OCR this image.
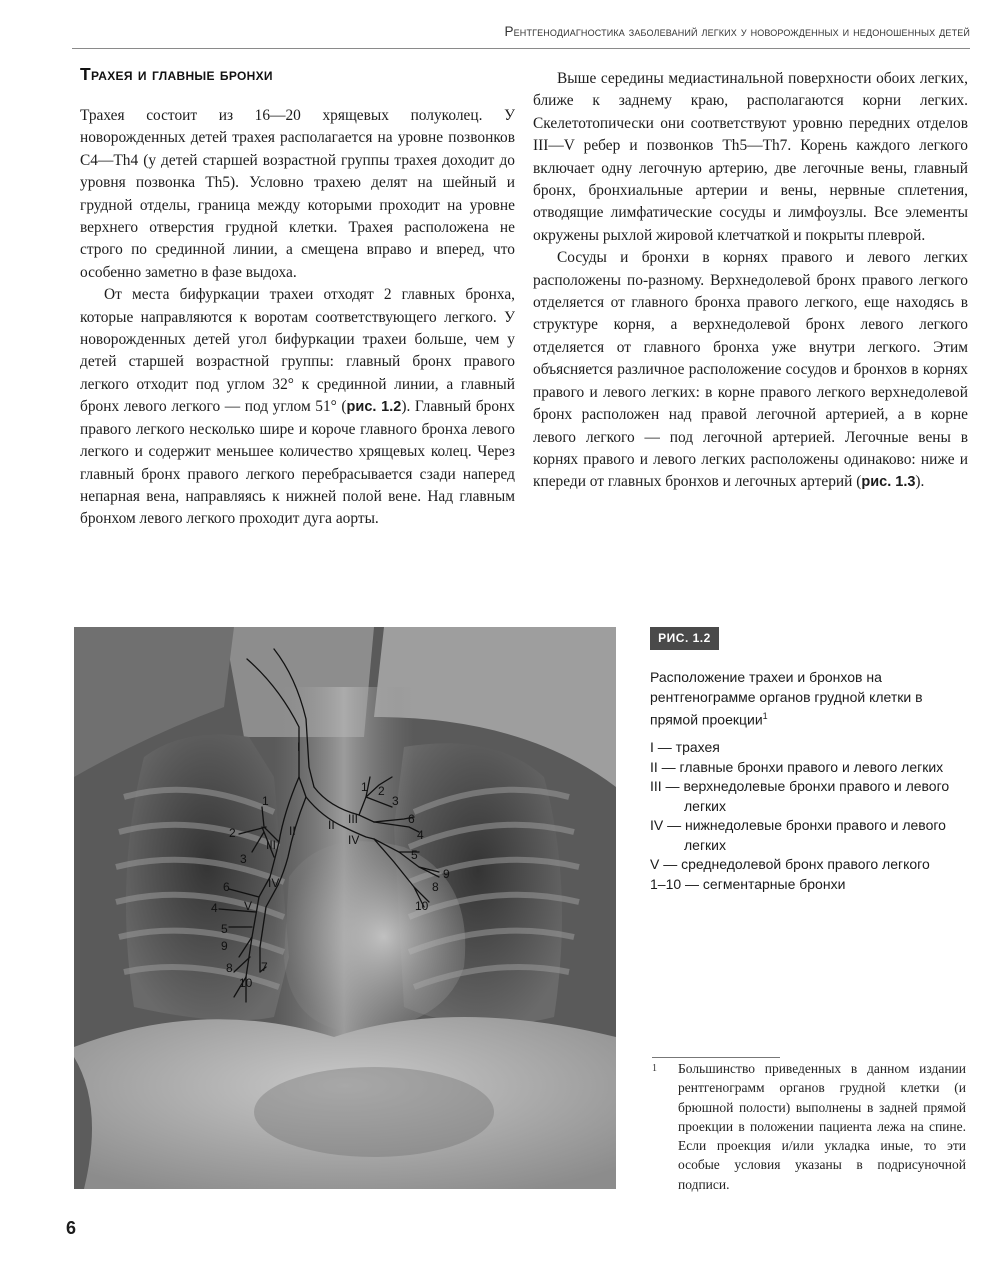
Рентгенодиагностика заболеваний легких у новорожденных и недоношенных детей
Трахея и главные бронхи

Трахея состоит из 16—20 хрящевых полуколец. У новорожденных детей трахея располагается на уровне позвонков С4—Th4 (у детей старшей возрастной группы трахея доходит до уровня позвонка Th5). Условно трахею делят на шейный и грудной отделы, граница между которыми проходит на уровне верхнего отверстия грудной клетки. Трахея расположена не строго по срединной линии, а смещена вправо и вперед, что особенно заметно в фазе выдоха.

От места бифуркации трахеи отходят 2 главных бронха, которые направляются к воротам соответствующего легкого. У новорожденных детей угол бифуркации трахеи больше, чем у детей старшей возрастной группы: главный бронх правого легкого отходит под углом 32° к срединной линии, а главный бронх левого легкого — под углом 51° (рис. 1.2). Главный бронх правого легкого несколько шире и короче главного бронха левого легкого и содержит меньшее количество хрящевых колец. Через главный бронх правого легкого перебрасывается сзади наперед непарная вена, направляясь к нижней полой вене. Над главным бронхом левого легкого проходит дуга аорты.

Выше середины медиастинальной поверхности обоих легких, ближе к заднему краю, располагаются корни легких. Скелетотопически они соответствуют уровню передних отделов III—V ребер и позвонков Th5—Th7. Корень каждого легкого включает одну легочную артерию, две легочные вены, главный бронх, бронхиальные артерии и вены, нервные сплетения, отводящие лимфатические сосуды и лимфоузлы. Все элементы окружены рыхлой жировой клетчаткой и покрыты плеврой.

Сосуды и бронхи в корнях правого и левого легких расположены по-разному. Верхнедолевой бронх правого легкого отделяется от главного бронха правого легкого, еще находясь в структуре корня, а верхнедолевой бронх левого легкого отделяется от главного бронха уже внутри легкого. Этим объясняется различное расположение сосудов и бронхов в корнях правого и левого легких: в корне правого легкого верхнедолевой бронх расположен над правой легочной артерией, а в корне левого легкого — под легочной артерией. Легочные вены в корнях правого и левого легких расположены одинаково: ниже и кпереди от главных бронхов и легочных артерий (рис. 1.3).

I
II	II
III
III
IV
IV
V
1
2
3
4
5
6
7
8
9
10
1 2
3
4
5
6
8
9
10
РИС. 1.2
Расположение трахеи и бронхов на рентгенограмме органов грудной клетки в прямой проекции$^1$
I — трахея
II — главные бронхи правого и левого легких
III — верхнедолевые бронхи правого и левого легких
IV — нижнедолевые бронхи правого и левого легких
V — среднедолевой бронх правого легкого
1–10 — сегментарные бронхи
1 Большинство приведенных в данном издании рентгенограмм органов грудной клетки (и брюшной полости) выполнены в задней прямой проекции в положении пациента лежа на спине. Если проекция и/или укладка иные, то эти особые условия указаны в подрисуночной подписи.
6
